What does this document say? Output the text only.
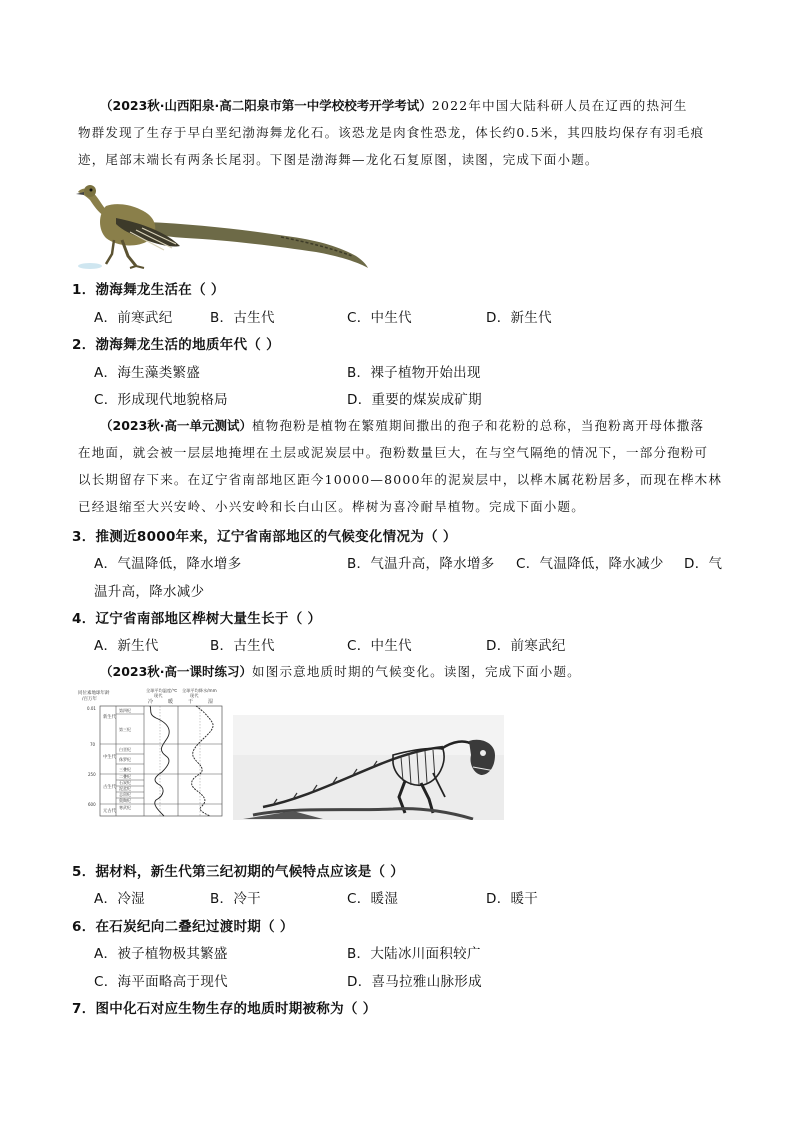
（2023秋·山西阳泉·高二阳泉市第一中学校校考开学考试）2022年中国大陆科研人员在辽西的热河生
物群发现了生存于早白垩纪渤海舞龙化石。该恐龙是肉食性恐龙，体长约0.5米，其四肢均保存有羽毛痕
迹，尾部末端长有两条长尾羽。下图是渤海舞—龙化石复原图，读图，完成下面小题。
1．渤海舞龙生活在（ ）
A．前寒武纪	B．古生代	C．中生代	D．新生代
2．渤海舞龙生活的地质年代（ ）
A．海生藻类繁盛	B．裸子植物开始出现
C．形成现代地貌格局	D．重要的煤炭成矿期
（2023秋·高一单元测试）植物孢粉是植物在繁殖期间撒出的孢子和花粉的总称，当孢粉离开母体撒落
在地面，就会被一层层地掩埋在土层或泥炭层中。孢粉数量巨大，在与空气隔绝的情况下，一部分孢粉可
以长期留存下来。在辽宁省南部地区距今10000—8000年的泥炭层中，以桦木属花粉居多，而现在桦木林
已经退缩至大兴安岭、小兴安岭和长白山区。桦树为喜冷耐旱植物。完成下面小题。
3．推测近8000年来，辽宁省南部地区的气候变化情况为（ ）
A．气温降低，降水增多	B．气温升高，降水增多 C．气温降低，降水减少 D．气
温升高，降水减少
4．辽宁省南部地区桦树大量生长于（ ）
A．新生代	B．古生代	C．中生代	D．前寒武纪
（2023秋·高一课时练习）如图示意地质时期的气候变化。读图，完成下面小题。
同位素地球年龄
/百万年
全球平均温度/℃
现代
全球平均降水/mm
现代
冷	暖	干	湿
新生代
中生代
古生代
元古代
第四纪
第三纪
白垩纪
侏罗纪
三叠纪
二叠纪
石炭纪
泥盆纪
志留纪
奥陶纪
寒武纪
0.01
70
250
600
5．据材料，新生代第三纪初期的气候特点应该是（ ）
A．冷湿	B．冷干	C．暖湿	D．暖干
6．在石炭纪向二叠纪过渡时期（ ）
A．被子植物极其繁盛	B．大陆冰川面积较广
C．海平面略高于现代	D．喜马拉雅山脉形成
7．图中化石对应生物生存的地质时期被称为（ ）
